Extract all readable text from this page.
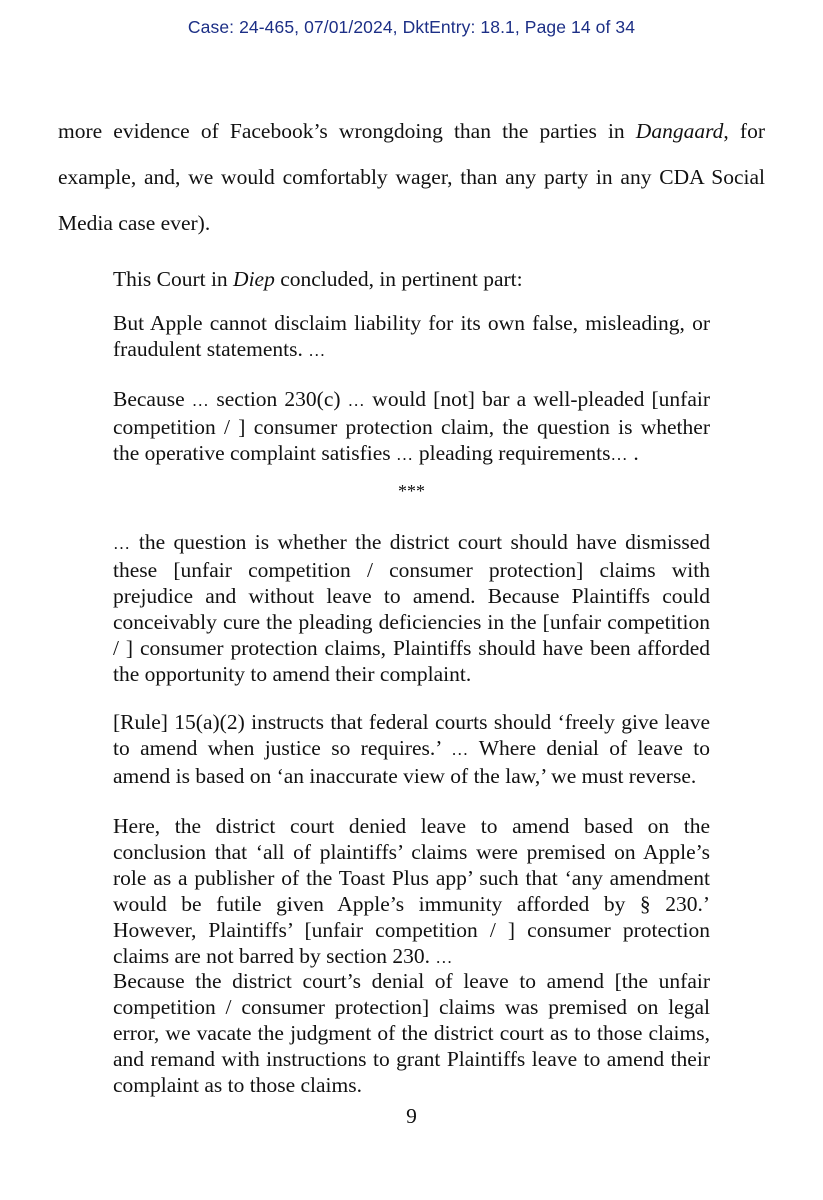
Case: 24-465, 07/01/2024, DktEntry: 18.1, Page 14 of 34
more evidence of Facebook’s wrongdoing than the parties in Dangaard, for example, and, we would comfortably wager, than any party in any CDA Social Media case ever).
This Court in Diep concluded, in pertinent part:
But Apple cannot disclaim liability for its own false, misleading, or fraudulent statements. …
Because … section 230(c) … would [not] bar a well-pleaded [unfair competition / ] consumer protection claim, the question is whether the operative complaint satisfies … pleading requirements… .
***
… the question is whether the district court should have dismissed these [unfair competition / consumer protection] claims with prejudice and without leave to amend. Because Plaintiffs could conceivably cure the pleading deficiencies in the [unfair competition / ] consumer protection claims, Plaintiffs should have been afforded the opportunity to amend their complaint.
[Rule] 15(a)(2) instructs that federal courts should ‘freely give leave to amend when justice so requires.’ … Where denial of leave to amend is based on ‘an inaccurate view of the law,’ we must reverse.
Here, the district court denied leave to amend based on the conclusion that ‘all of plaintiffs’ claims were premised on Apple’s role as a publisher of the Toast Plus app’ such that ‘any amendment would be futile given Apple’s immunity afforded by § 230.’ However, Plaintiffs’ [unfair competition / ] consumer protection claims are not barred by section 230. …
Because the district court’s denial of leave to amend [the unfair competition / consumer protection] claims was premised on legal error, we vacate the judgment of the district court as to those claims, and remand with instructions to grant Plaintiffs leave to amend their complaint as to those claims.
9
